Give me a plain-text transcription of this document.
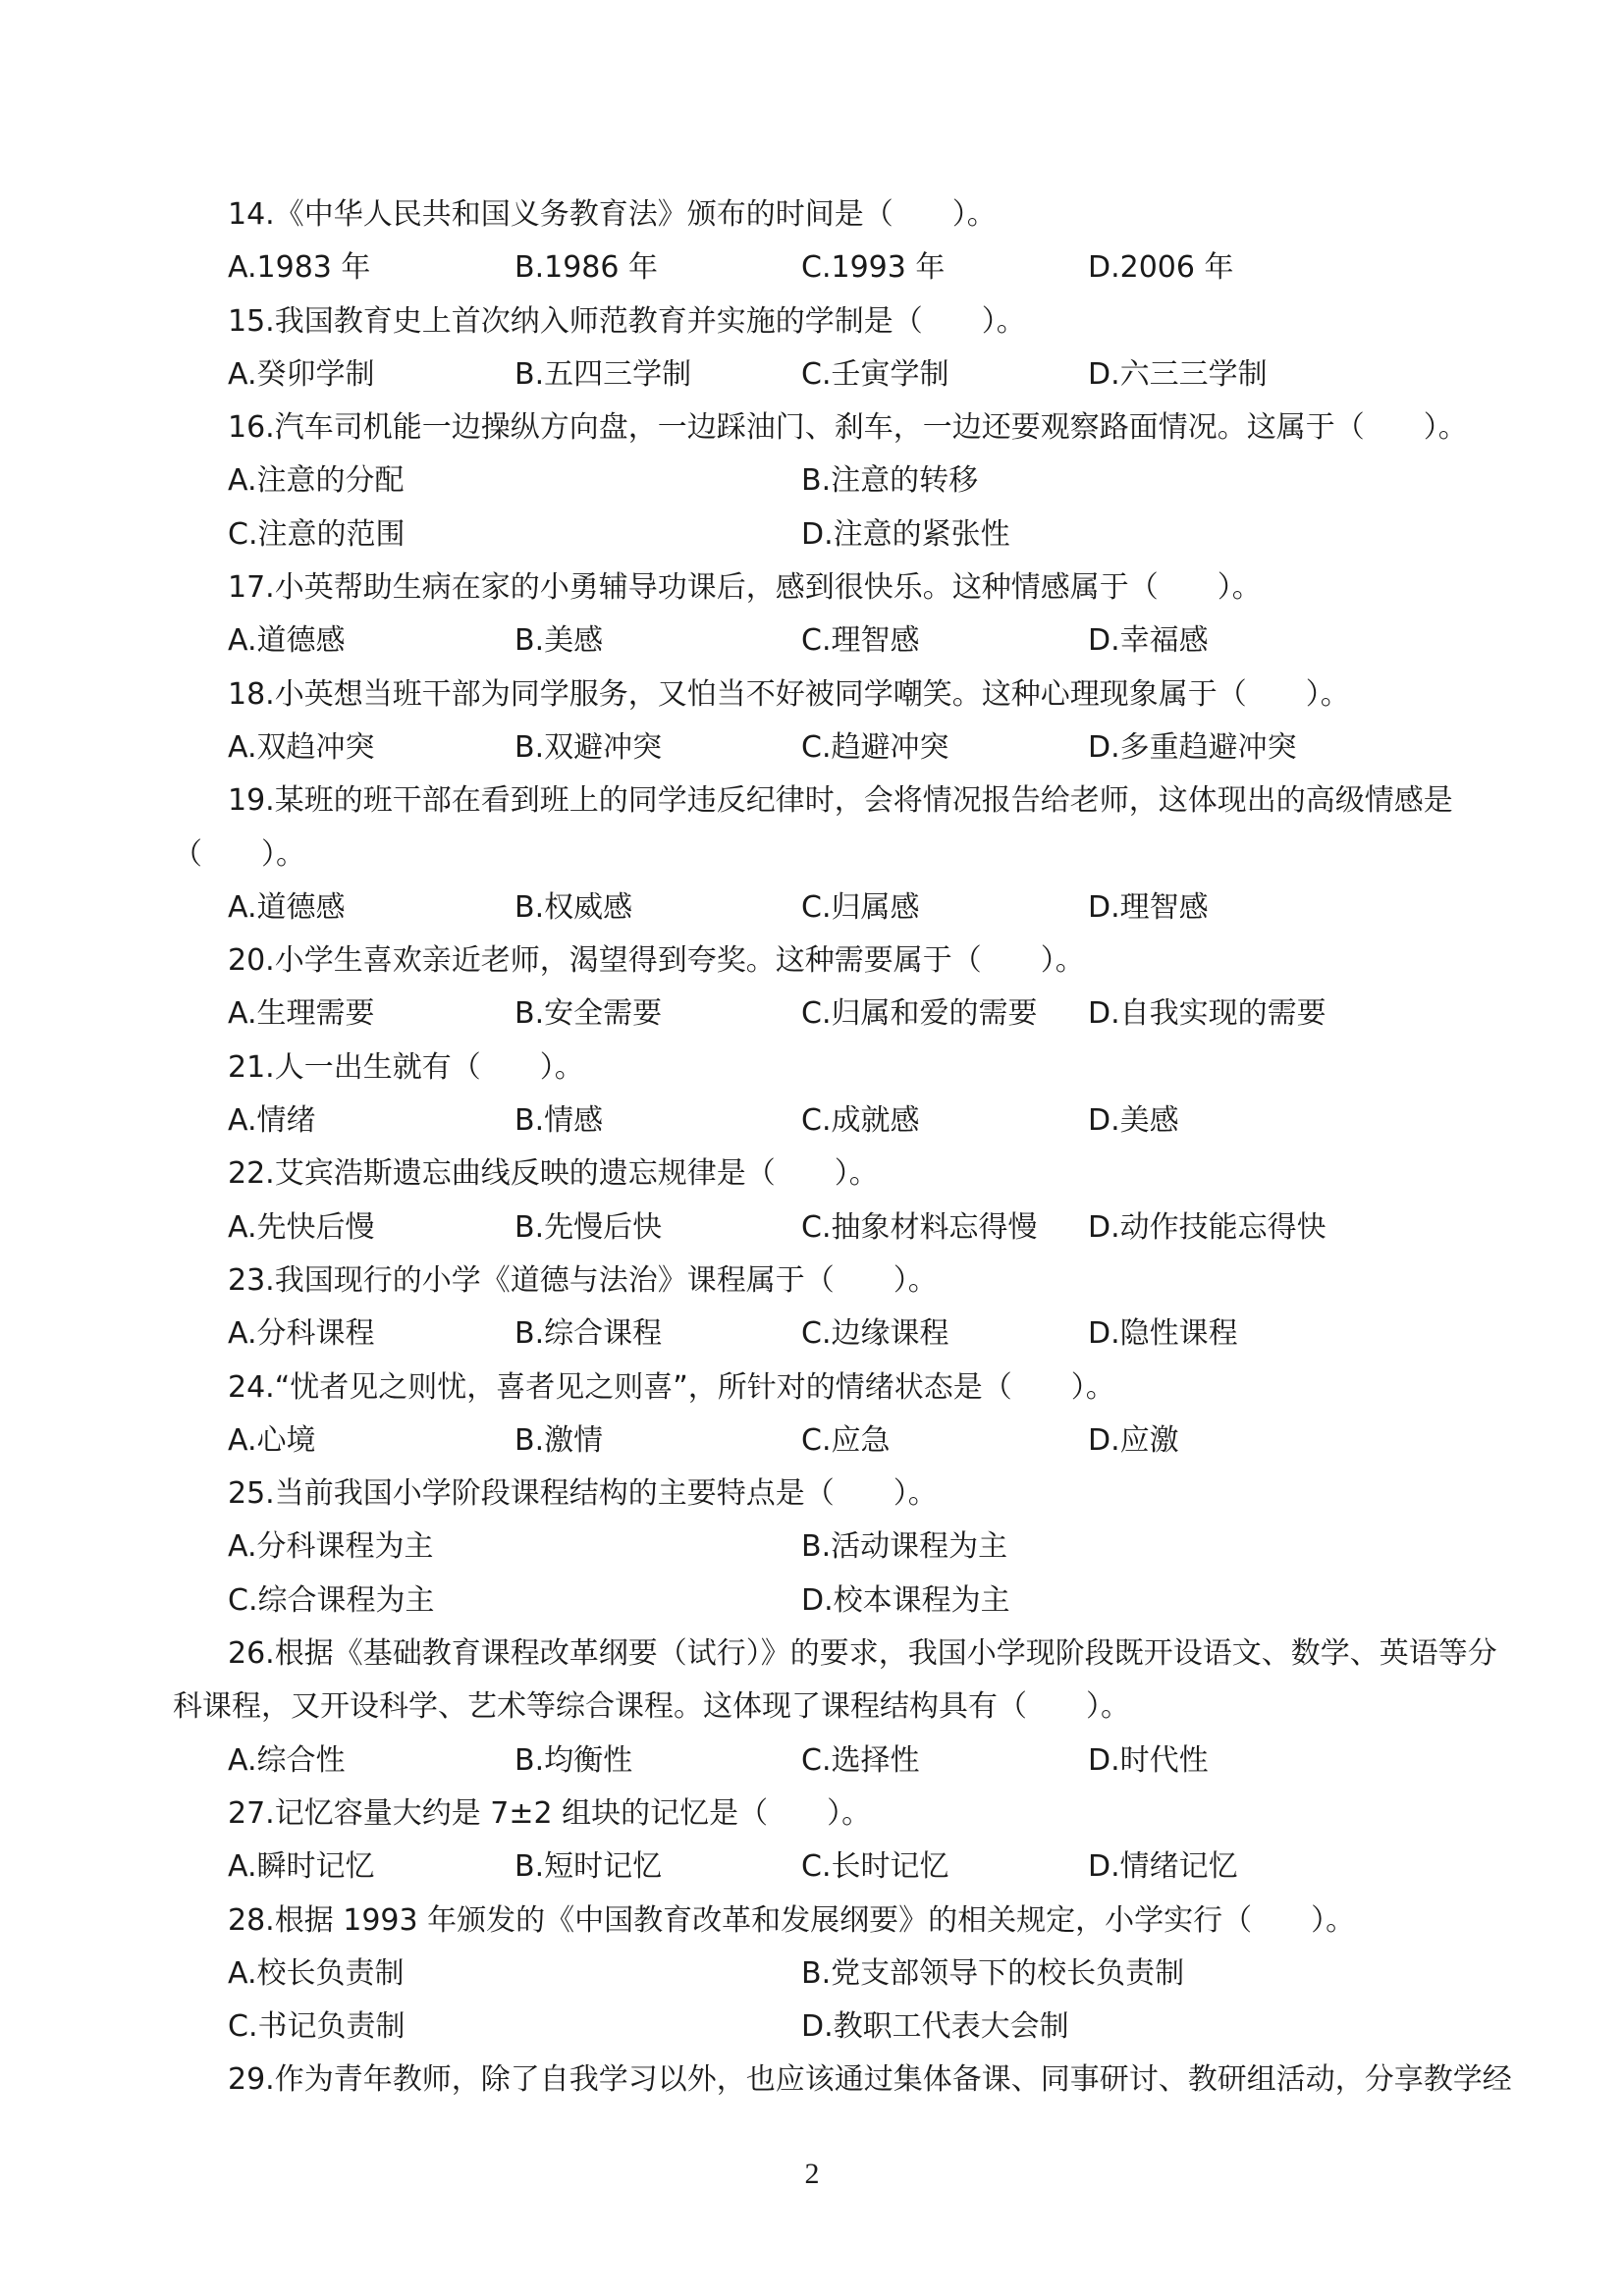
14.《中华人民共和国义务教育法》颁布的时间是（　　）。
A.1983 年	B.1986 年	C.1993 年	D.2006 年
15.我国教育史上首次纳入师范教育并实施的学制是（　　）。
A.癸卯学制	B.五四三学制	C.壬寅学制	D.六三三学制
16.汽车司机能一边操纵方向盘，一边踩油门、刹车，一边还要观察路面情况。这属于（　　）。
A.注意的分配	B.注意的转移
C.注意的范围	D.注意的紧张性
17.小英帮助生病在家的小勇辅导功课后，感到很快乐。这种情感属于（　　）。
A.道德感	B.美感	C.理智感	D.幸福感
18.小英想当班干部为同学服务，又怕当不好被同学嘲笑。这种心理现象属于（　　）。
A.双趋冲突	B.双避冲突	C.趋避冲突	D.多重趋避冲突
19.某班的班干部在看到班上的同学违反纪律时，会将情况报告给老师，这体现出的高级情感是
（　　）。
A.道德感	B.权威感	C.归属感	D.理智感
20.小学生喜欢亲近老师，渴望得到夸奖。这种需要属于（　　）。
A.生理需要	B.安全需要	C.归属和爱的需要 D.自我实现的需要
21.人一出生就有（　　）。
A.情绪	B.情感	C.成就感	D.美感
22.艾宾浩斯遗忘曲线反映的遗忘规律是（　　）。
A.先快后慢	B.先慢后快	C.抽象材料忘得慢 D.动作技能忘得快
23.我国现行的小学《道德与法治》课程属于（　　）。
A.分科课程	B.综合课程	C.边缘课程	D.隐性课程
24.“忧者见之则忧，喜者见之则喜”，所针对的情绪状态是（　　）。
A.心境	B.激情	C.应急	D.应激
25.当前我国小学阶段课程结构的主要特点是（　　）。
A.分科课程为主	B.活动课程为主
C.综合课程为主	D.校本课程为主
26.根据《基础教育课程改革纲要（试行）》的要求，我国小学现阶段既开设语文、数学、英语等分
科课程，又开设科学、艺术等综合课程。这体现了课程结构具有（　　）。
A.综合性	B.均衡性	C.选择性	D.时代性
27.记忆容量大约是 7±2 组块的记忆是（　　）。
A.瞬时记忆	B.短时记忆	C.长时记忆	D.情绪记忆
28.根据 1993 年颁发的《中国教育改革和发展纲要》的相关规定，小学实行（　　）。
A.校长负责制	B.党支部领导下的校长负责制
C.书记负责制	D.教职工代表大会制
29.作为青年教师，除了自我学习以外，也应该通过集体备课、同事研讨、教研组活动，分享教学经
2
